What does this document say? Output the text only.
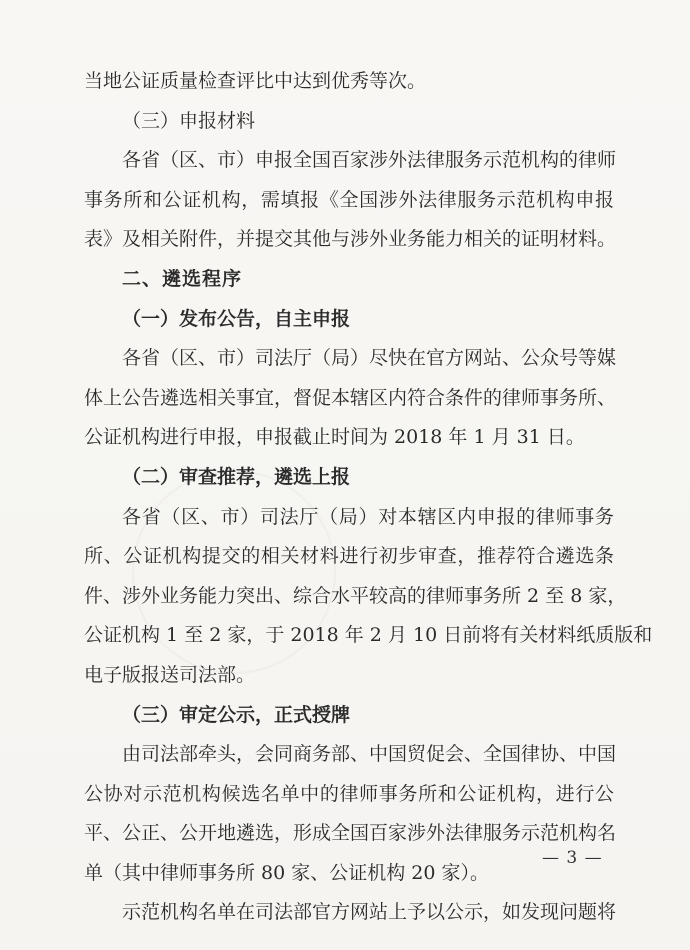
当地公证质量检查评比中达到优秀等次。
（三）申报材料
各省（区、市）申报全国百家涉外法律服务示范机构的律师
事务所和公证机构，需填报《全国涉外法律服务示范机构申报
表》及相关附件，并提交其他与涉外业务能力相关的证明材料。
二、遴选程序
（一）发布公告，自主申报
各省（区、市）司法厅（局）尽快在官方网站、公众号等媒
体上公告遴选相关事宜，督促本辖区内符合条件的律师事务所、
公证机构进行申报，申报截止时间为 2018 年 1 月 31 日。
（二）审查推荐，遴选上报
各省（区、市）司法厅（局）对本辖区内申报的律师事务
所、公证机构提交的相关材料进行初步审查，推荐符合遴选条
件、涉外业务能力突出、综合水平较高的律师事务所 2 至 8 家，
公证机构 1 至 2 家，于 2018 年 2 月 10 日前将有关材料纸质版和
电子版报送司法部。
（三）审定公示，正式授牌
由司法部牵头，会同商务部、中国贸促会、全国律协、中国
公协对示范机构候选名单中的律师事务所和公证机构，进行公
平、公正、公开地遴选，形成全国百家涉外法律服务示范机构名
单（其中律师事务所 80 家、公证机构 20 家）。
示范机构名单在司法部官方网站上予以公示，如发现问题将
— 3 —
